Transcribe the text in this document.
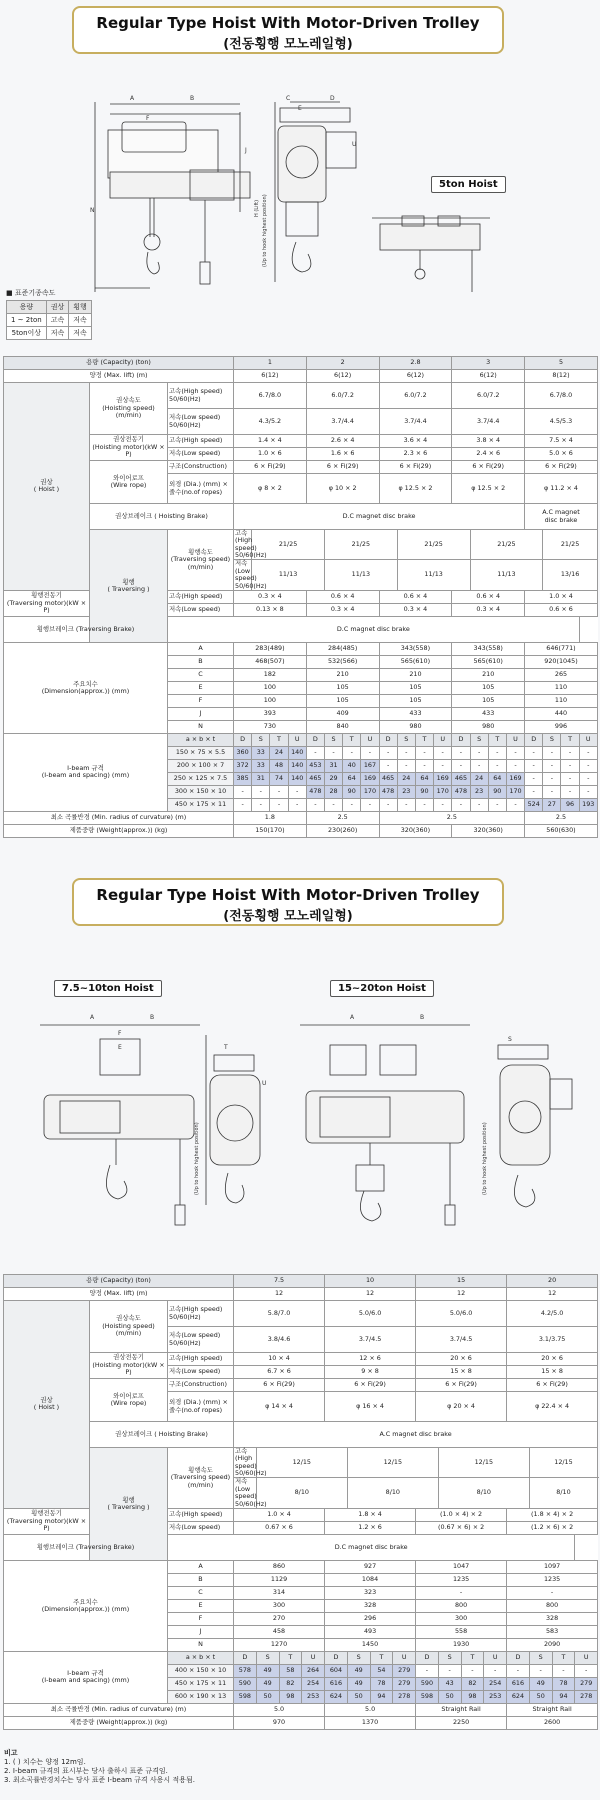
Regular Type Hoist With Motor-Driven Trolley
(전동횡행 모노레일형)
A	B	C	D
E
F
J
N
U
(Up to hook highest position)
H (Lift)
5ton Hoist
■ 표준기종속도
용량	권상	횡행
1 ~ 2ton	고속	저속
5ton이상	저속	저속
용량 (Capacity) (ton)			1				2				2.8				3				5			
양정 (Max. lift) (m)			6(12)				6(12)				6(12)				6(12)				8(12)			
권상
( Hoist )	권상속도
(Hoisting speed)
(m/min)	고속(High speed)
50/60(Hz)	6.7/8.0				6.0/7.2				6.0/7.2				6.0/7.2				6.7/8.0			
		저속(Low speed)
50/60(Hz)	4.3/5.2				3.7/4.4				3.7/4.4				3.7/4.4				4.5/5.3			
	권상전동기
(Hoisting motor)(kW × P)	고속(High speed)	1.4 × 4				2.6 × 4				3.6 × 4				3.8 × 4				7.5 × 4			
		저속(Low speed)	1.0 × 6				1.6 × 6				2.3 × 6				2.4 × 6				5.0 × 6			
	와이어로프
(Wire rope)	구조(Construction)	6 × Fi(29)				6 × Fi(29)				6 × Fi(29)				6 × Fi(29)				6 × Fi(29)			
		외경 (Dia.) (mm) ×
줄수(no.of ropes)	φ 8 × 2				φ 10 × 2				φ 12.5 × 2				φ 12.5 × 2				φ 11.2 × 4			
	권상브레이크 ( Hoisting Brake)		D.C magnet disc brake																A.C magnet
disc brake			
	횡행
( Traversing )	횡행속도
(Traversing speed)
(m/min)	고속(High speed)
50/60(Hz)	21/25				21/25				21/25				21/25				21/25		
			저속(Low speed)
50/60(Hz)	11/13				11/13				11/13				11/13				13/16		
횡행전동기
(Traversing motor)(kW × P)		고속(High speed)	0.3 × 4				0.6 × 4				0.6 × 4				0.6 × 4				1.0 × 4			
		저속(Low speed)	0.13 × 8				0.3 × 4				0.3 × 4				0.3 × 4				0.6 × 6			
횡행브레이크 (Traversing Brake)		D.C magnet disc brake																				
주요치수
(Dimension(approx.)) (mm)		A	283(489)				284(485)				343(558)				343(558)				646(771)			
		B	468(507)				532(566)				565(610)				565(610)				920(1045)			
		C	182				210				210				210				265			
		E	100				105				105				105				110			
		F	100				105				105				105				110			
		J	393				409				433				433				440			
		N	730				840				980				980				996			
I-beam 규격
(I-beam and spacing) (mm)		a × b × t	D	S	T	U	D	S	T	U	D	S	T	U	D	S	T	U	D	S	T	U
		150 × 75 × 5.5	360	33	24	140	-	-	-	-	-	-	-	-	-	-	-	-	-	-	-	-
		200 × 100 × 7	372	33	48	140	453	31	40	167	-	-	-	-	-	-	-	-	-	-	-	-
		250 × 125 × 7.5	385	31	74	140	465	29	64	169	465	24	64	169	465	24	64	169	-	-	-	-
		300 × 150 × 10	-	-	-	-	478	28	90	170	478	23	90	170	478	23	90	170	-	-	-	-
		450 × 175 × 11	-	-	-	-	-	-	-	-	-	-	-	-	-	-	-	-	524	27	96	193
최소 곡률반경 (Min. radius of curvature) (m)			1.8				2.5				2.5								2.5			
제품중량 (Weight(approx.)) (kg)			150(170)				230(260)				320(360)				320(360)				560(630)			
Regular Type Hoist With Motor-Driven Trolley
(전동횡행 모노레일형)
7.5~10ton Hoist	15~20ton Hoist
A	B
F
E	T
U
A	B
S
(Up to hook highest position)	(Up to hook highest position)
용량 (Capacity) (ton)			7.5				10				15				20			
양정 (Max. lift) (m)			12				12				12				12			
권상
( Hoist )	권상속도
(Hoisting speed)
(m/min)	고속(High speed)
50/60(Hz)	5.8/7.0				5.0/6.0				5.0/6.0				4.2/5.0			
		저속(Low speed)
50/60(Hz)	3.8/4.6				3.7/4.5				3.7/4.5				3.1/3.75			
	권상전동기
(Hoisting motor)(kW × P)	고속(High speed)	10 × 4				12 × 6				20 × 6				20 × 6			
		저속(Low speed)	6.7 × 6				9 × 8				15 × 8				15 × 8			
	와이어로프
(Wire rope)	구조(Construction)	6 × Fi(29)				6 × Fi(29)				6 × Fi(29)				6 × Fi(29)			
		외경 (Dia.) (mm) ×
줄수(no.of ropes)	φ 14 × 4				φ 16 × 4				φ 20 × 4				φ 22.4 × 4			
	권상브레이크 ( Hoisting Brake)		A.C magnet disc brake															
	횡행
( Traversing )	횡행속도
(Traversing speed)
(m/min)	고속(High speed)
50/60(Hz)	12/15				12/15				12/15				12/15		
			저속(Low speed)
50/60(Hz)	8/10				8/10				8/10				8/10		
횡행전동기
(Traversing motor)(kW × P)		고속(High speed)	1.0 × 4				1.8 × 4				(1.0 × 4) × 2				(1.8 × 4) × 2			
		저속(Low speed)	0.67 × 6				1.2 × 6				(0.67 × 6) × 2				(1.2 × 6) × 2			
횡행브레이크 (Traversing Brake)		D.C magnet disc brake																
주요치수
(Dimension(approx.)) (mm)		A	860				927				1047				1097			
		B	1129				1084				1235				1235			
		C	314				323				-				-			
		E	300				328				800				800			
		F	270				296				300				328			
		J	458				493				558				583			
		N	1270				1450				1930				2090			
I-beam 규격
(I-beam and spacing) (mm)		a × b × t	D	S	T	U	D	S	T	U	D	S	T	U	D	S	T	U
		400 × 150 × 10	578	49	58	264	604	49	54	279	-	-	-	-	-	-	-	-
		450 × 175 × 11	590	49	82	254	616	49	78	279	590	43	82	254	616	49	78	279
		600 × 190 × 13	598	50	98	253	624	50	94	278	598	50	98	253	624	50	94	278
최소 곡률반경 (Min. radius of curvature) (m)			5.0				5.0				Straight Rail				Straight Rail			
제품중량 (Weight(approx.)) (kg)			970				1370				2250				2600			
비고
1. ( ) 치수는 양정 12m임.
2. I-beam 규격의 표시부는 당사 출하시 표준 규격임.
3. 최소곡률반경치수는 당사 표준 I-beam 규격 사용시 적용됨.
